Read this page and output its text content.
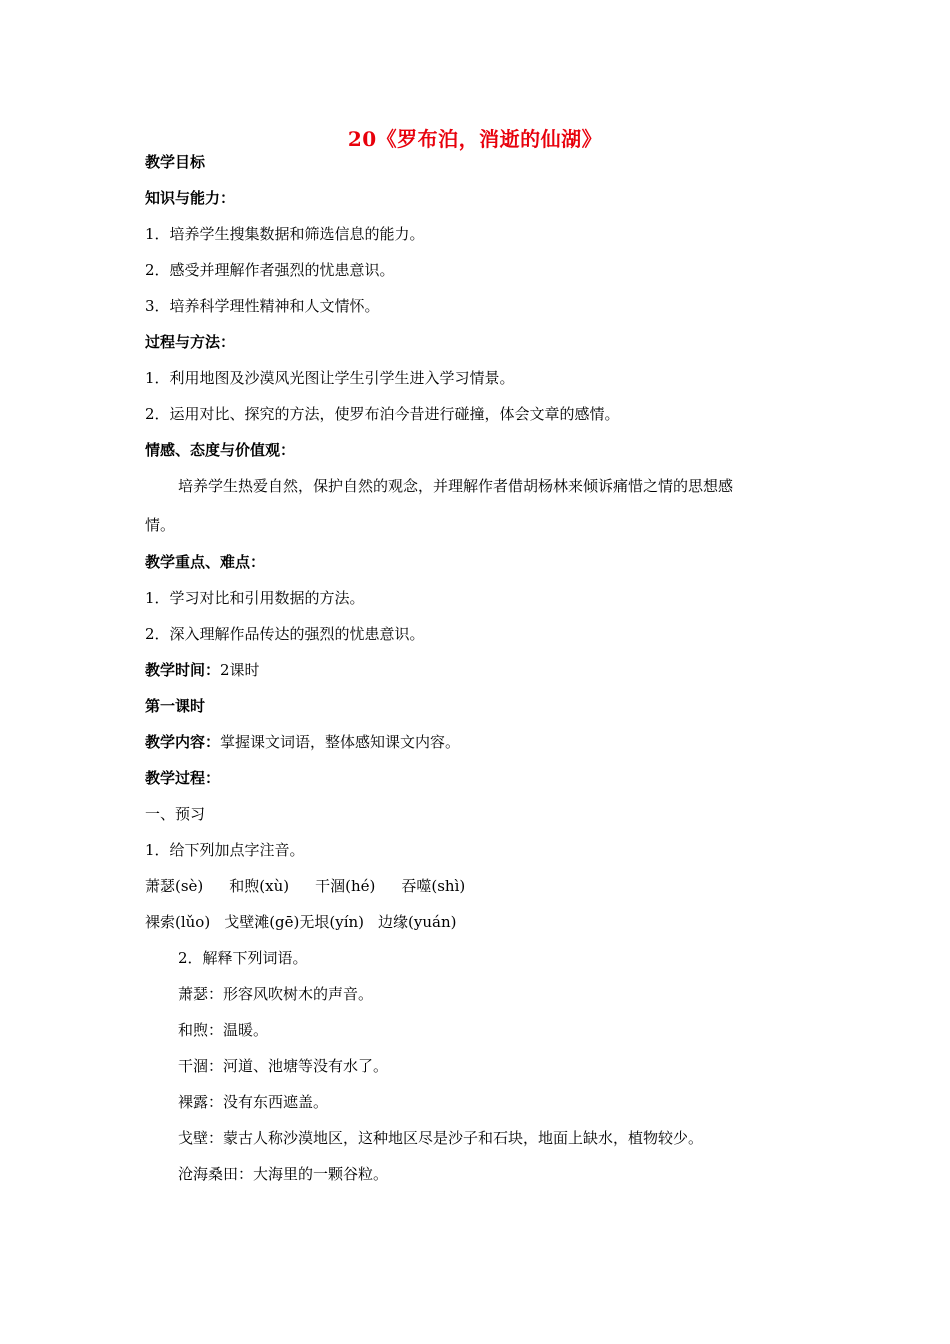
20《罗布泊，消逝的仙湖》
教学目标
知识与能力：
1．培养学生搜集数据和筛选信息的能力。
2．感受并理解作者强烈的忧患意识。
3．培养科学理性精神和人文情怀。
过程与方法：
1．利用地图及沙漠风光图让学生引学生进入学习情景。
2．运用对比、探究的方法，使罗布泊今昔进行碰撞，体会文章的感情。
情感、态度与价值观：
培养学生热爱自然，保护自然的观念，并理解作者借胡杨林来倾诉痛惜之情的思想感
情。
教学重点、难点：
1．学习对比和引用数据的方法。
2．深入理解作品传达的强烈的忧患意识。
教学时间：2课时
第一课时
教学内容：掌握课文词语，整体感知课文内容。
教学过程：
一、预习
1．给下列加点字注音。
萧瑟(sè) 和煦(xù) 干涸(hé) 吞噬(shì)
裸索(lǔo) 戈壁滩(gē)无垠(yín) 边缘(yuán)
2．解释下列词语。
萧瑟：形容风吹树木的声音。
和煦：温暖。
干涸：河道、池塘等没有水了。
裸露：没有东西遮盖。
戈壁：蒙古人称沙漠地区，这种地区尽是沙子和石块，地面上缺水，植物较少。
沧海桑田：大海里的一颗谷粒。
